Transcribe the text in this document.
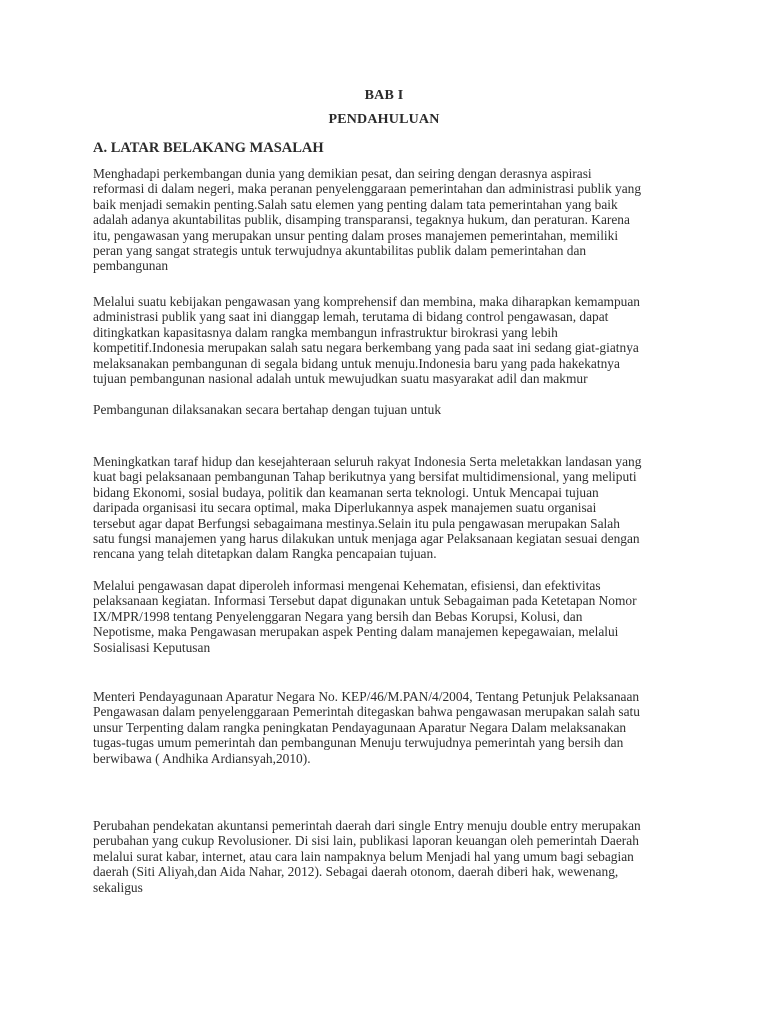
BAB I
PENDAHULUAN
A. LATAR BELAKANG MASALAH
Menghadapi perkembangan dunia yang demikian pesat, dan seiring dengan derasnya aspirasi
reformasi di dalam negeri, maka peranan penyelenggaraan pemerintahan dan administrasi publik yang
baik menjadi semakin penting.Salah satu elemen yang penting dalam tata pemerintahan yang baik
adalah adanya akuntabilitas publik, disamping transparansi, tegaknya hukum, dan peraturan. Karena
itu, pengawasan yang merupakan unsur penting dalam proses manajemen pemerintahan, memiliki
peran yang sangat strategis untuk terwujudnya akuntabilitas publik dalam pemerintahan dan
pembangunan
Melalui suatu kebijakan pengawasan yang komprehensif dan membina, maka diharapkan kemampuan
administrasi publik yang saat ini dianggap lemah, terutama di bidang control pengawasan, dapat
ditingkatkan kapasitasnya dalam rangka membangun infrastruktur birokrasi yang lebih
kompetitif.Indonesia merupakan salah satu negara berkembang yang pada saat ini sedang giat-giatnya
melaksanakan pembangunan di segala bidang untuk menuju.Indonesia baru yang pada hakekatnya
tujuan pembangunan nasional adalah untuk mewujudkan suatu masyarakat adil dan makmur
Pembangunan dilaksanakan secara bertahap dengan tujuan untuk
Meningkatkan taraf hidup dan kesejahteraan seluruh rakyat Indonesia Serta meletakkan landasan yang
kuat bagi pelaksanaan pembangunan Tahap berikutnya yang bersifat multidimensional, yang meliputi
bidang Ekonomi, sosial budaya, politik dan keamanan serta teknologi. Untuk Mencapai tujuan
daripada organisasi itu secara optimal, maka Diperlukannya aspek manajemen suatu organisai
tersebut agar dapat Berfungsi sebagaimana mestinya.Selain itu pula pengawasan merupakan Salah
satu fungsi manajemen yang harus dilakukan untuk menjaga agar Pelaksanaan kegiatan sesuai dengan
rencana yang telah ditetapkan dalam Rangka pencapaian tujuan.
Melalui pengawasan dapat diperoleh informasi mengenai Kehematan, efisiensi, dan efektivitas
pelaksanaan kegiatan. Informasi Tersebut dapat digunakan untuk Sebagaiman pada Ketetapan Nomor
IX/MPR/1998 tentang Penyelenggaran Negara yang bersih dan Bebas Korupsi, Kolusi, dan
Nepotisme, maka Pengawasan merupakan aspek Penting dalam manajemen kepegawaian, melalui
Sosialisasi Keputusan
Menteri Pendayagunaan Aparatur Negara No. KEP/46/M.PAN/4/2004, Tentang Petunjuk Pelaksanaan
Pengawasan dalam penyelenggaraan Pemerintah ditegaskan bahwa pengawasan merupakan salah satu
unsur Terpenting dalam rangka peningkatan Pendayagunaan Aparatur Negara Dalam melaksanakan
tugas-tugas umum pemerintah dan pembangunan Menuju terwujudnya pemerintah yang bersih dan
berwibawa ( Andhika Ardiansyah,2010).
Perubahan pendekatan akuntansi pemerintah daerah dari single Entry menuju double entry merupakan
perubahan yang cukup Revolusioner. Di sisi lain, publikasi laporan keuangan oleh pemerintah Daerah
melalui surat kabar, internet, atau cara lain nampaknya belum Menjadi hal yang umum bagi sebagian
daerah (Siti Aliyah,dan Aida Nahar, 2012). Sebagai daerah otonom, daerah diberi hak, wewenang,
sekaligus
